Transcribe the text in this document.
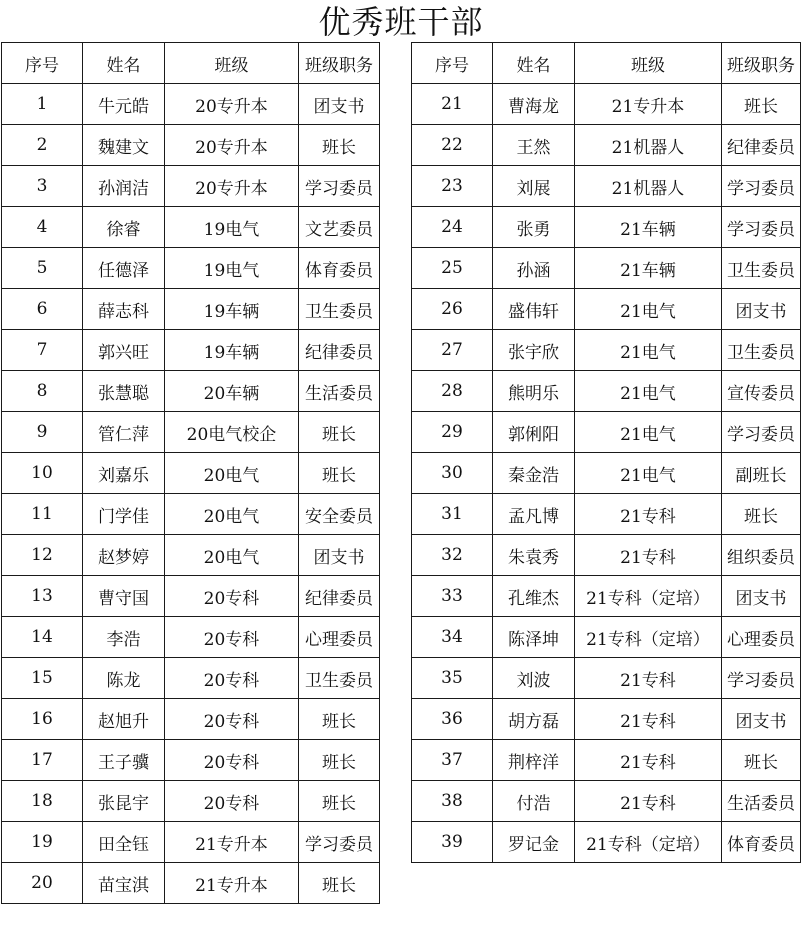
优秀班干部
序号	姓名	班级	班级职务
1	牛元皓	20专升本	团支书
2	魏建文	20专升本	班长
3	孙润洁	20专升本	学习委员
4	徐睿	19电气	文艺委员
5	任德泽	19电气	体育委员
6	薛志科	19车辆	卫生委员
7	郭兴旺	19车辆	纪律委员
8	张慧聪	20车辆	生活委员
9	管仁萍	20电气校企	班长
10	刘嘉乐	20电气	班长
11	门学佳	20电气	安全委员
12	赵梦婷	20电气	团支书
13	曹守国	20专科	纪律委员
14	李浩	20专科	心理委员
15	陈龙	20专科	卫生委员
16	赵旭升	20专科	班长
17	王子骥	20专科	班长
18	张昆宇	20专科	班长
19	田全钰	21专升本	学习委员
20	苗宝淇	21专升本	班长
序号	姓名	班级	班级职务
21	曹海龙	21专升本	班长
22	王然	21机器人	纪律委员
23	刘展	21机器人	学习委员
24	张勇	21车辆	学习委员
25	孙涵	21车辆	卫生委员
26	盛伟轩	21电气	团支书
27	张宇欣	21电气	卫生委员
28	熊明乐	21电气	宣传委员
29	郭俐阳	21电气	学习委员
30	秦金浩	21电气	副班长
31	孟凡博	21专科	班长
32	朱袁秀	21专科	组织委员
33	孔维杰	21专科（定培）	团支书
34	陈泽坤	21专科（定培）	心理委员
35	刘波	21专科	学习委员
36	胡方磊	21专科	团支书
37	荆梓洋	21专科	班长
38	付浩	21专科	生活委员
39	罗记金	21专科（定培）	体育委员
